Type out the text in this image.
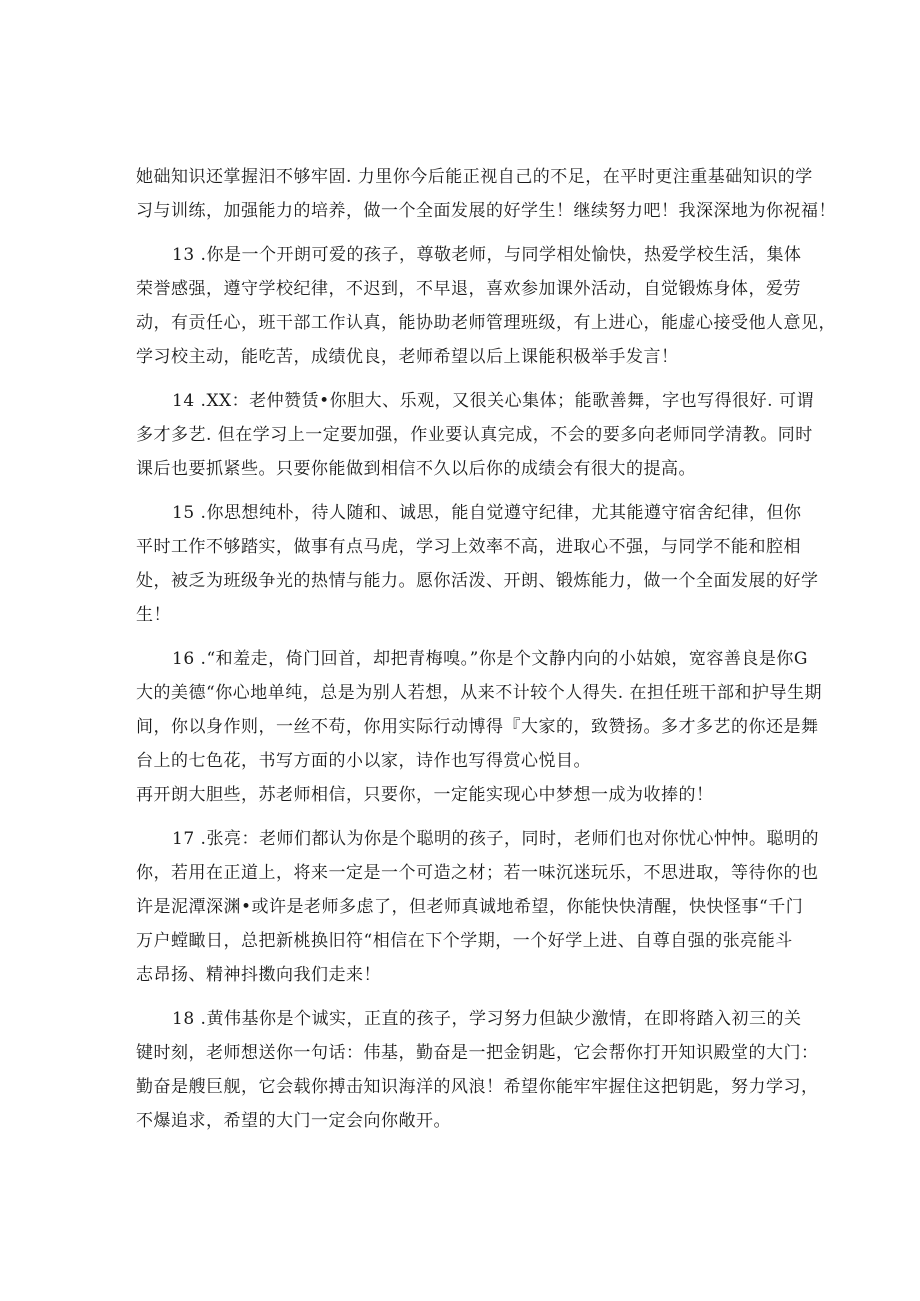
她础知识还掌握汨不够牢固. 力里你今后能正视自己的不足，在平时更注重基础知识的学
习与训练，加强能力的培养，做一个全面发展的好学生！继续努力吧！我深深地为你祝福！
13 .你是一个开朗可爱的孩子，尊敬老师，与同学相处愉快，热爱学校生活，集体
荣誉感强，遵守学校纪律，不迟到，不早退，喜欢参加课外活动，自觉锻炼身体，爱劳
动，有贡任心，班干部工作认真，能协助老师管理班级，有上进心，能虚心接受他人意见，
学习校主动，能吃苦，成绩优良，老师希望以后上课能积极举手发言！
14 .XX：老仲赞赁•你胆大、乐观，又很关心集体；能歌善舞，字也写得很好. 可谓
多才多艺. 但在学习上一定要加强，作业要认真完成，不会的要多向老师同学清教。同时
课后也要抓紧些。只要你能做到相信不久以后你的成绩会有很大的提高。
15 .你思想纯朴，待人随和、诚思，能自觉遵守纪律，尤其能遵守宿舍纪律，但你
平时工作不够踏实，做事有点马虎，学习上效率不高，进取心不强，与同学不能和腔相
处，被乏为班级争光的热情与能力。愿你活泼、开朗、锻炼能力，做一个全面发展的好学
生！
16 .“和羞走，倚门回首，却把青梅嗅。”你是个文静内向的小姑娘，宽容善良是你G
大的美德“你心地单纯，总是为别人若想，从来不计较个人得失. 在担任班干部和护导生期
间，你以身作则，一丝不苟，你用实际行动博得『大家的，致赞扬。多才多艺的你还是舞
台上的七色花，书写方面的小以家，诗作也写得赏心悦目。
再开朗大胆些，苏老师相信，只要你，一定能实现心中梦想一成为收捧的！
17 .张亮：老师们都认为你是个聪明的孩子，同时，老师们也对你忧心忡忡。聪明的
你，若用在正道上，将来一定是一个可造之材；若一味沉迷玩乐，不思进取，等待你的也
许是泥潭深渊•或许是老师多虑了，但老师真诚地希望，你能快快清醒，快快怪事“千门
万户螳瞰日，总把新桃换旧符“相信在下个学期，一个好学上进、自尊自强的张亮能斗
志昂扬、精神抖擞向我们走来！
18 .黄伟基你是个诚实，正直的孩子，学习努力但缺少激情，在即将踏入初三的关
键时刻，老师想送你一句话：伟基，勤奋是一把金钥匙，它会帮你打开知识殿堂的大门：
勤奋是艘巨舰，它会载你搏击知识海洋的风浪！希望你能牢牢握住这把钥匙，努力学习，
不爆追求，希望的大门一定会向你敞开。
